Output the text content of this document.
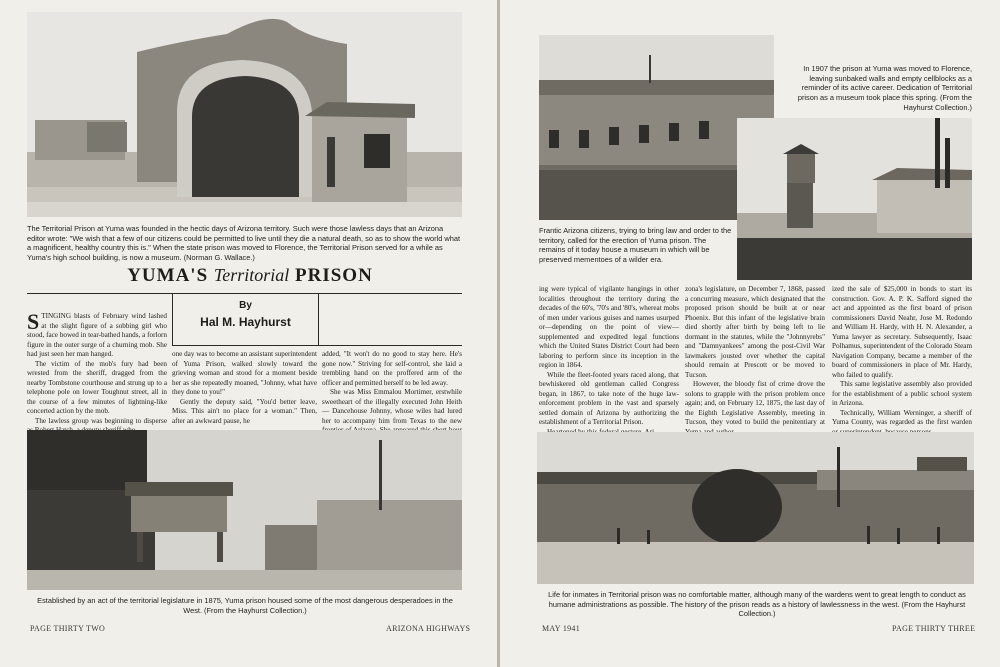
The Territorial Prison at Yuma was founded in the hectic days of Arizona territory. Such were those lawless days that an Arizona editor wrote: "We wish that a few of our citizens could be permitted to live until they die a natural death, so as to show the world what a magnificent, healthy country this is." When the state prison was moved to Florence, the Territorial Prison served for a while as Yuma's high school building, is now a museum. (Norman G. Wallace.)
YUMA'S Territorial PRISON
By
Hal M. Hayhurst

STINGING blasts of February wind lashed at the slight figure of a sobbing girl who stood, face bowed in tear-bathed hands, a forlorn figure in the outer surge of a churning mob. She had just seen her man hanged.

The victim of the mob's fury had been wrested from the sheriff, dragged from the nearby Tombstone courthouse and strung up to a telephone pole on lower Toughnut street, all in the course of a few minutes of lightning-like concerted action by the mob.

The lawless group was beginning to disperse

one day was to become an assistant superintendent of Yuma Prison, walked slowly toward the grieving woman and stood for a moment beside her as she repeatedly moaned, "Johnny, what have they done to you!"

Gently the deputy said, "You'd better leave, Miss. This ain't no place for a woman." Then, after an awkward pause, he

added, "It won't do no good to stay here. He's gone now." Striving for self-control, she laid a trembling hand on the proffered arm of the officer and permitted herself to be led away.

She was Miss Emmalou Mortimer, erstwhile sweetheart of the illegally executed John Heith — Dancehouse Johnny, whose wiles had lured her to accompany him from Texas to the new

Established by an act of the territorial legislature in 1875, Yuma prison housed some of the most dangerous desperadoes in the West. (From the Hayhurst Collection.)
PAGE THIRTY TWO	ARIZONA HIGHWAYS
In 1907 the prison at Yuma was moved to Florence, leaving sunbaked walls and empty cellblocks as a reminder of its active career. Dedication of Territorial prison as a museum took place this spring. (From the Hayhurst Collection.)
Frantic Arizona citizens, trying to bring law and order to the territory, called for the erection of Yuma prison. The remains of it today house a museum in which will be preserved mementoes of a wilder era.

ing were typical of vigilante hangings in other localities throughout the territory during the decades of the 60's, '70's and '80's, whereat mobs of men under various guises and names usurped or—depending on the point of view—supplemented and expedited legal functions which the United States District Court had been laboring to perform since its inception in the region in 1864.

While the fleet-footed years raced along, that bewhiskered old gentleman called Congress began, in 1867, to take note of the huge law-enforcement problem in the vast and sparsely settled domain of Arizona by authorizing the establishment of a Territorial Prison.

zona's legislature, on December 7, 1868, passed a concurring measure, which designated that the proposed prison should be built at or near Phoenix. But this infant of the legislative brain died shortly after birth by being left to lie dormant in the statutes, while the "Johnnyrebs" and "Damnyankees" among the post-Civil War lawmakers jousted over whether the capital should remain at Prescott or be moved to Tucson.

However, the bloody fist of crime drove the solons to grapple with the prison problem once again; and, on February 12, 1875, the last day of the Eighth Legislative Assembly, meeting in Tucson, they voted to build the penitentiary at

ized the sale of $25,000 in bonds to start its construction. Gov. A. P. K. Safford signed the act and appointed as the first board of prison commissioners David Neahr, Jose M. Redondo and William H. Hardy, with H. N. Alexander, a Yuma lawyer as secretary. Subsequently, Isaac Polhamus, superintendent of the Colorado Steam Navigation Company, became a member of the board of commissioners in place of Mr. Hardy, who failed to qualify.

This same legislative assembly also provided for the establishment of a public school system in Arizona.

Technically, William Werninger, a sheriff of Yuma County, was regarded as the first warden

Life for inmates in Territorial prison was no comfortable matter, although many of the wardens went to great length to conduct as humane administrations as possible. The history of the prison reads as a history of lawlessness in the west. (From the Hayhurst Collection.)
MAY 1941	PAGE THIRTY THREE
